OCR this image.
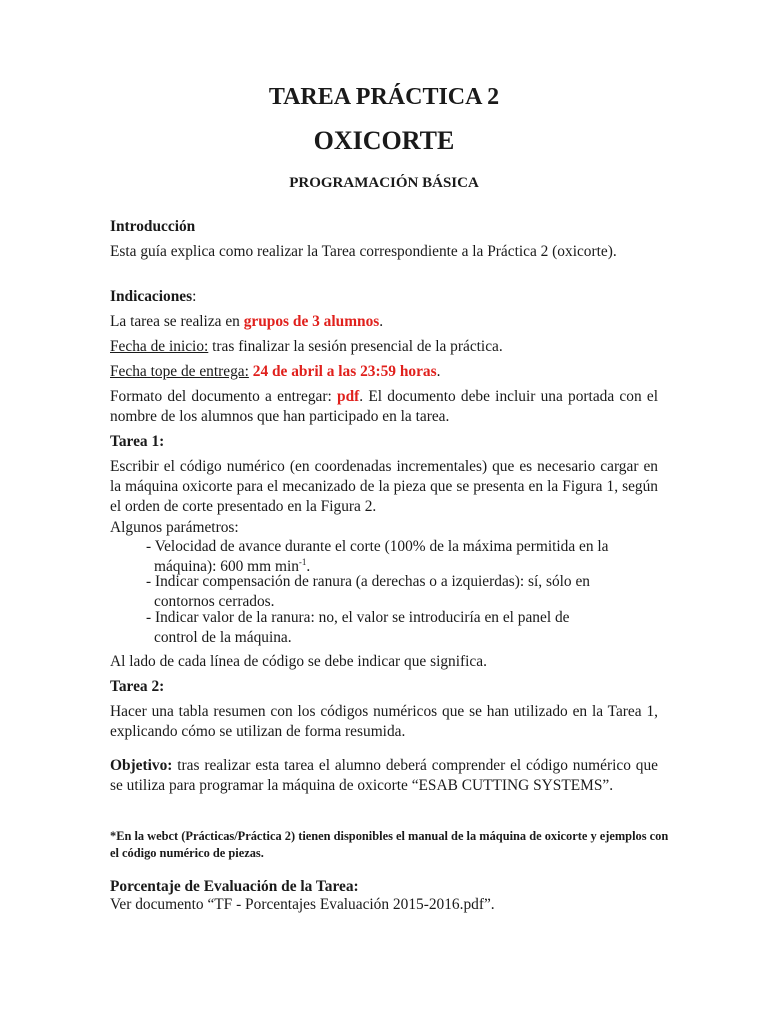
TAREA PRÁCTICA 2
OXICORTE
PROGRAMACIÓN BÁSICA
Introducción
Esta guía explica como realizar la Tarea correspondiente a la Práctica 2 (oxicorte).
Indicaciones:
La tarea se realiza en grupos de 3 alumnos.
Fecha de inicio: tras finalizar la sesión presencial de la práctica.
Fecha tope de entrega: 24 de abril a las 23:59 horas.
Formato del documento a entregar: pdf. El documento debe incluir una portada con el nombre de los alumnos que han participado en la tarea.
Tarea 1:
Escribir el código numérico (en coordenadas incrementales) que es necesario cargar en la máquina oxicorte para el mecanizado de la pieza que se presenta en la Figura 1, según el orden de corte presentado en la Figura 2.
Algunos parámetros:
- Velocidad de avance durante el corte (100% de la máxima permitida en la
máquina): 600 mm $\min^{-1}$.
- Indicar compensación de ranura (a derechas o a izquierdas): sí, sólo en
contornos cerrados.
- Indicar valor de la ranura: no, el valor se introduciría en el panel de
control de la máquina.
Al lado de cada línea de código se debe indicar que significa.
Tarea 2:
Hacer una tabla resumen con los códigos numéricos que se han utilizado en la Tarea 1, explicando cómo se utilizan de forma resumida.
Objetivo: tras realizar esta tarea el alumno deberá comprender el código numérico que se utiliza para programar la máquina de oxicorte “ESAB CUTTING SYSTEMS”.
*En la webct (Prácticas/Práctica 2) tienen disponibles el manual de la máquina de oxicorte y ejemplos con el código numérico de piezas.
Porcentaje de Evaluación de la Tarea:
Ver documento “TF - Porcentajes Evaluación 2015-2016.pdf”.
